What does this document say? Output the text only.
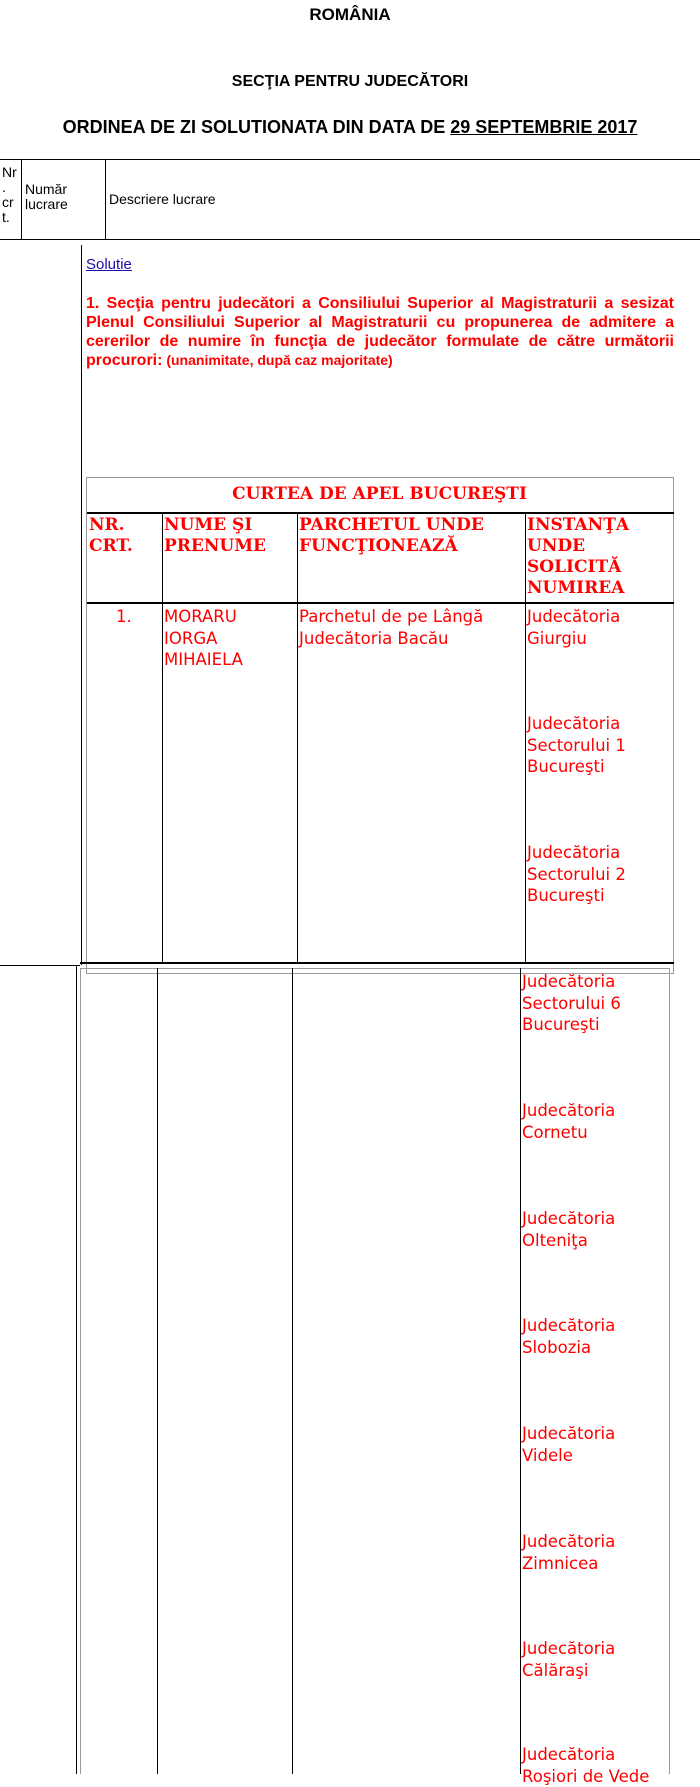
ROMÂNIA
SECŢIA PENTRU JUDECĂTORI
ORDINEA DE ZI SOLUTIONATA DIN DATA DE 29 SEPTEMBRIE 2017
Nr
.
cr
t.
Număr
lucrare	Descriere lucrare
Solutie
1. Secţia pentru judecători a Consiliului Superior al Magistraturii a sesizat Plenul Consiliului Superior al Magistraturii cu propunerea de admitere a cererilor de numire în funcţia de judecător formulate de către următorii procurori: (unanimitate, după caz majoritate)
CURTEA DE APEL BUCUREŞTI
NR.
CRT.
NUME ŞI
PRENUME
PARCHETUL UNDE
FUNCŢIONEAZĂ
INSTANŢA
UNDE
SOLICITĂ
NUMIREA
1. MORARU
IORGA
MIHAIELA
Parchetul de pe Lângă
Judecătoria Bacău
Judecătoria
Giurgiu
Judecătoria
Sectorului 1
Bucureşti
Judecătoria
Sectorului 2
Bucureşti
Judecătoria
Sectorului 6
Bucureşti
Judecătoria
Cornetu
Judecătoria
Olteniţa
Judecătoria
Slobozia
Judecătoria
Videle
Judecătoria
Zimnicea
Judecătoria
Călăraşi
Judecătoria
Roşiori de Vede
